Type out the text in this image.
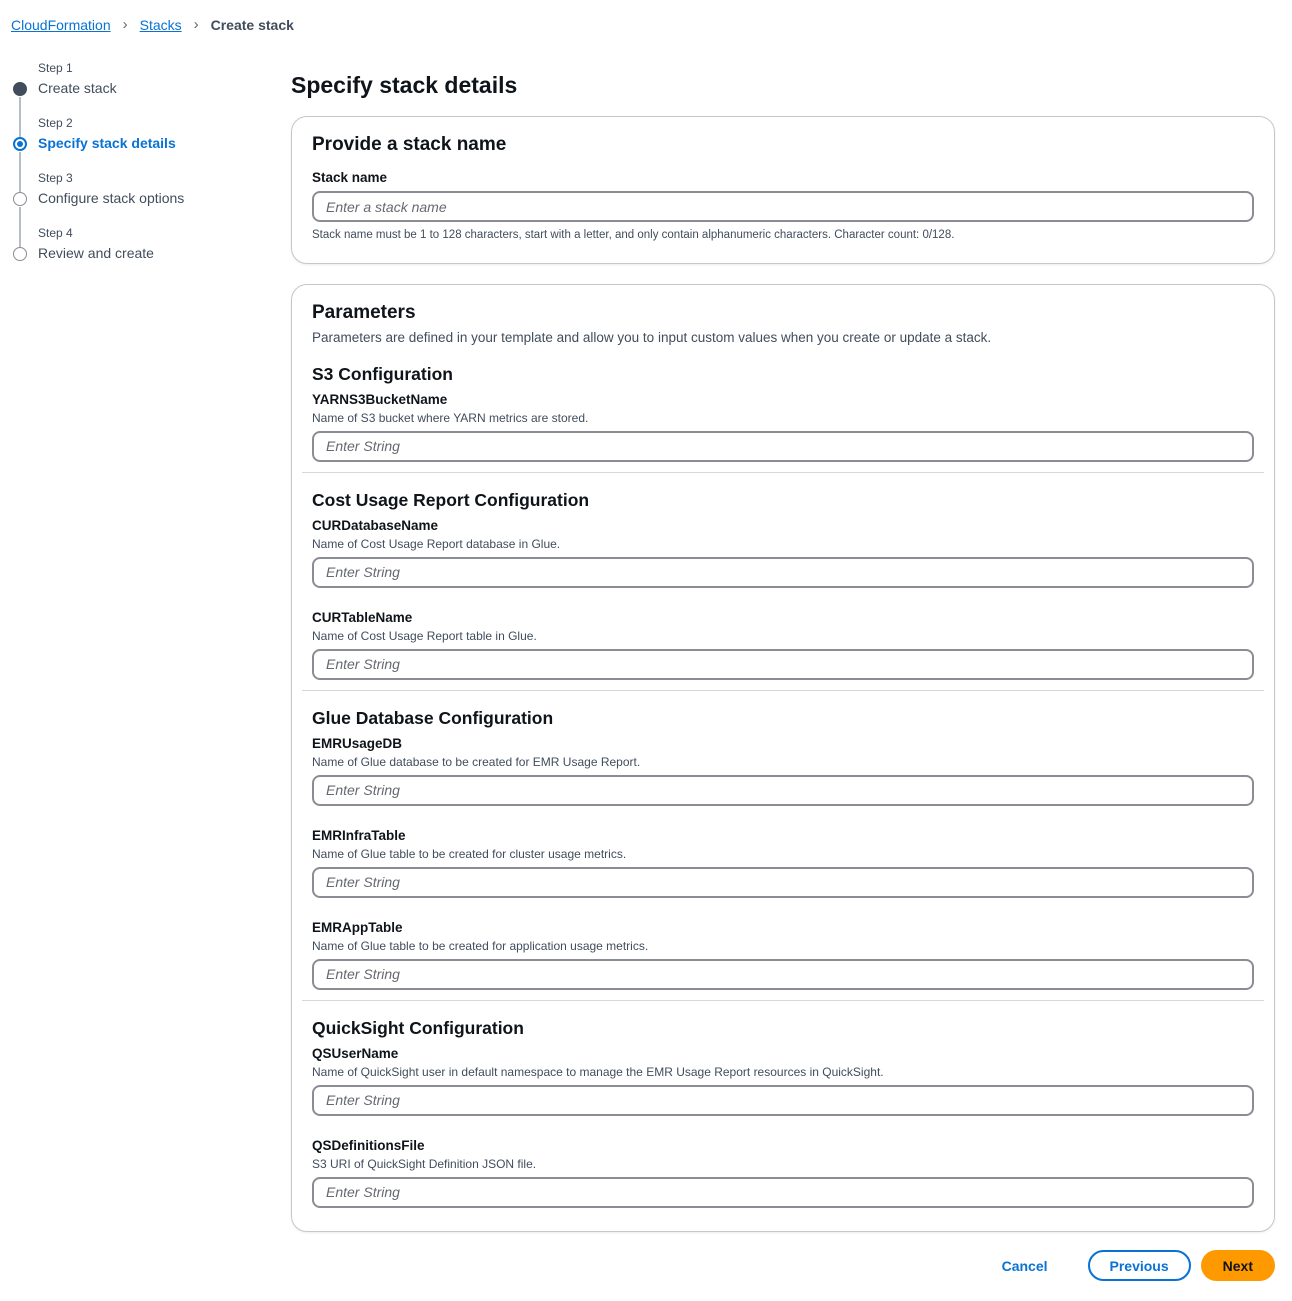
CloudFormation › Stacks › Create stack
Step 1
Create stack
Step 2
Specify stack details
Step 3
Configure stack options
Step 4
Review and create
Specify stack details
Provide a stack name
Stack name
Enter a stack name
Stack name must be 1 to 128 characters, start with a letter, and only contain alphanumeric characters. Character count: 0/128.
Parameters
Parameters are defined in your template and allow you to input custom values when you create or update a stack.
S3 Configuration
YARNS3BucketName
Name of S3 bucket where YARN metrics are stored.
Enter String
Cost Usage Report Configuration
CURDatabaseName
Name of Cost Usage Report database in Glue.
Enter String
CURTableName
Name of Cost Usage Report table in Glue.
Enter String
Glue Database Configuration
EMRUsageDB
Name of Glue database to be created for EMR Usage Report.
Enter String
EMRInfraTable
Name of Glue table to be created for cluster usage metrics.
Enter String
EMRAppTable
Name of Glue table to be created for application usage metrics.
Enter String
QuickSight Configuration
QSUserName
Name of QuickSight user in default namespace to manage the EMR Usage Report resources in QuickSight.
Enter String
QSDefinitionsFile
S3 URI of QuickSight Definition JSON file.
Enter String
Cancel	Previous	Next
